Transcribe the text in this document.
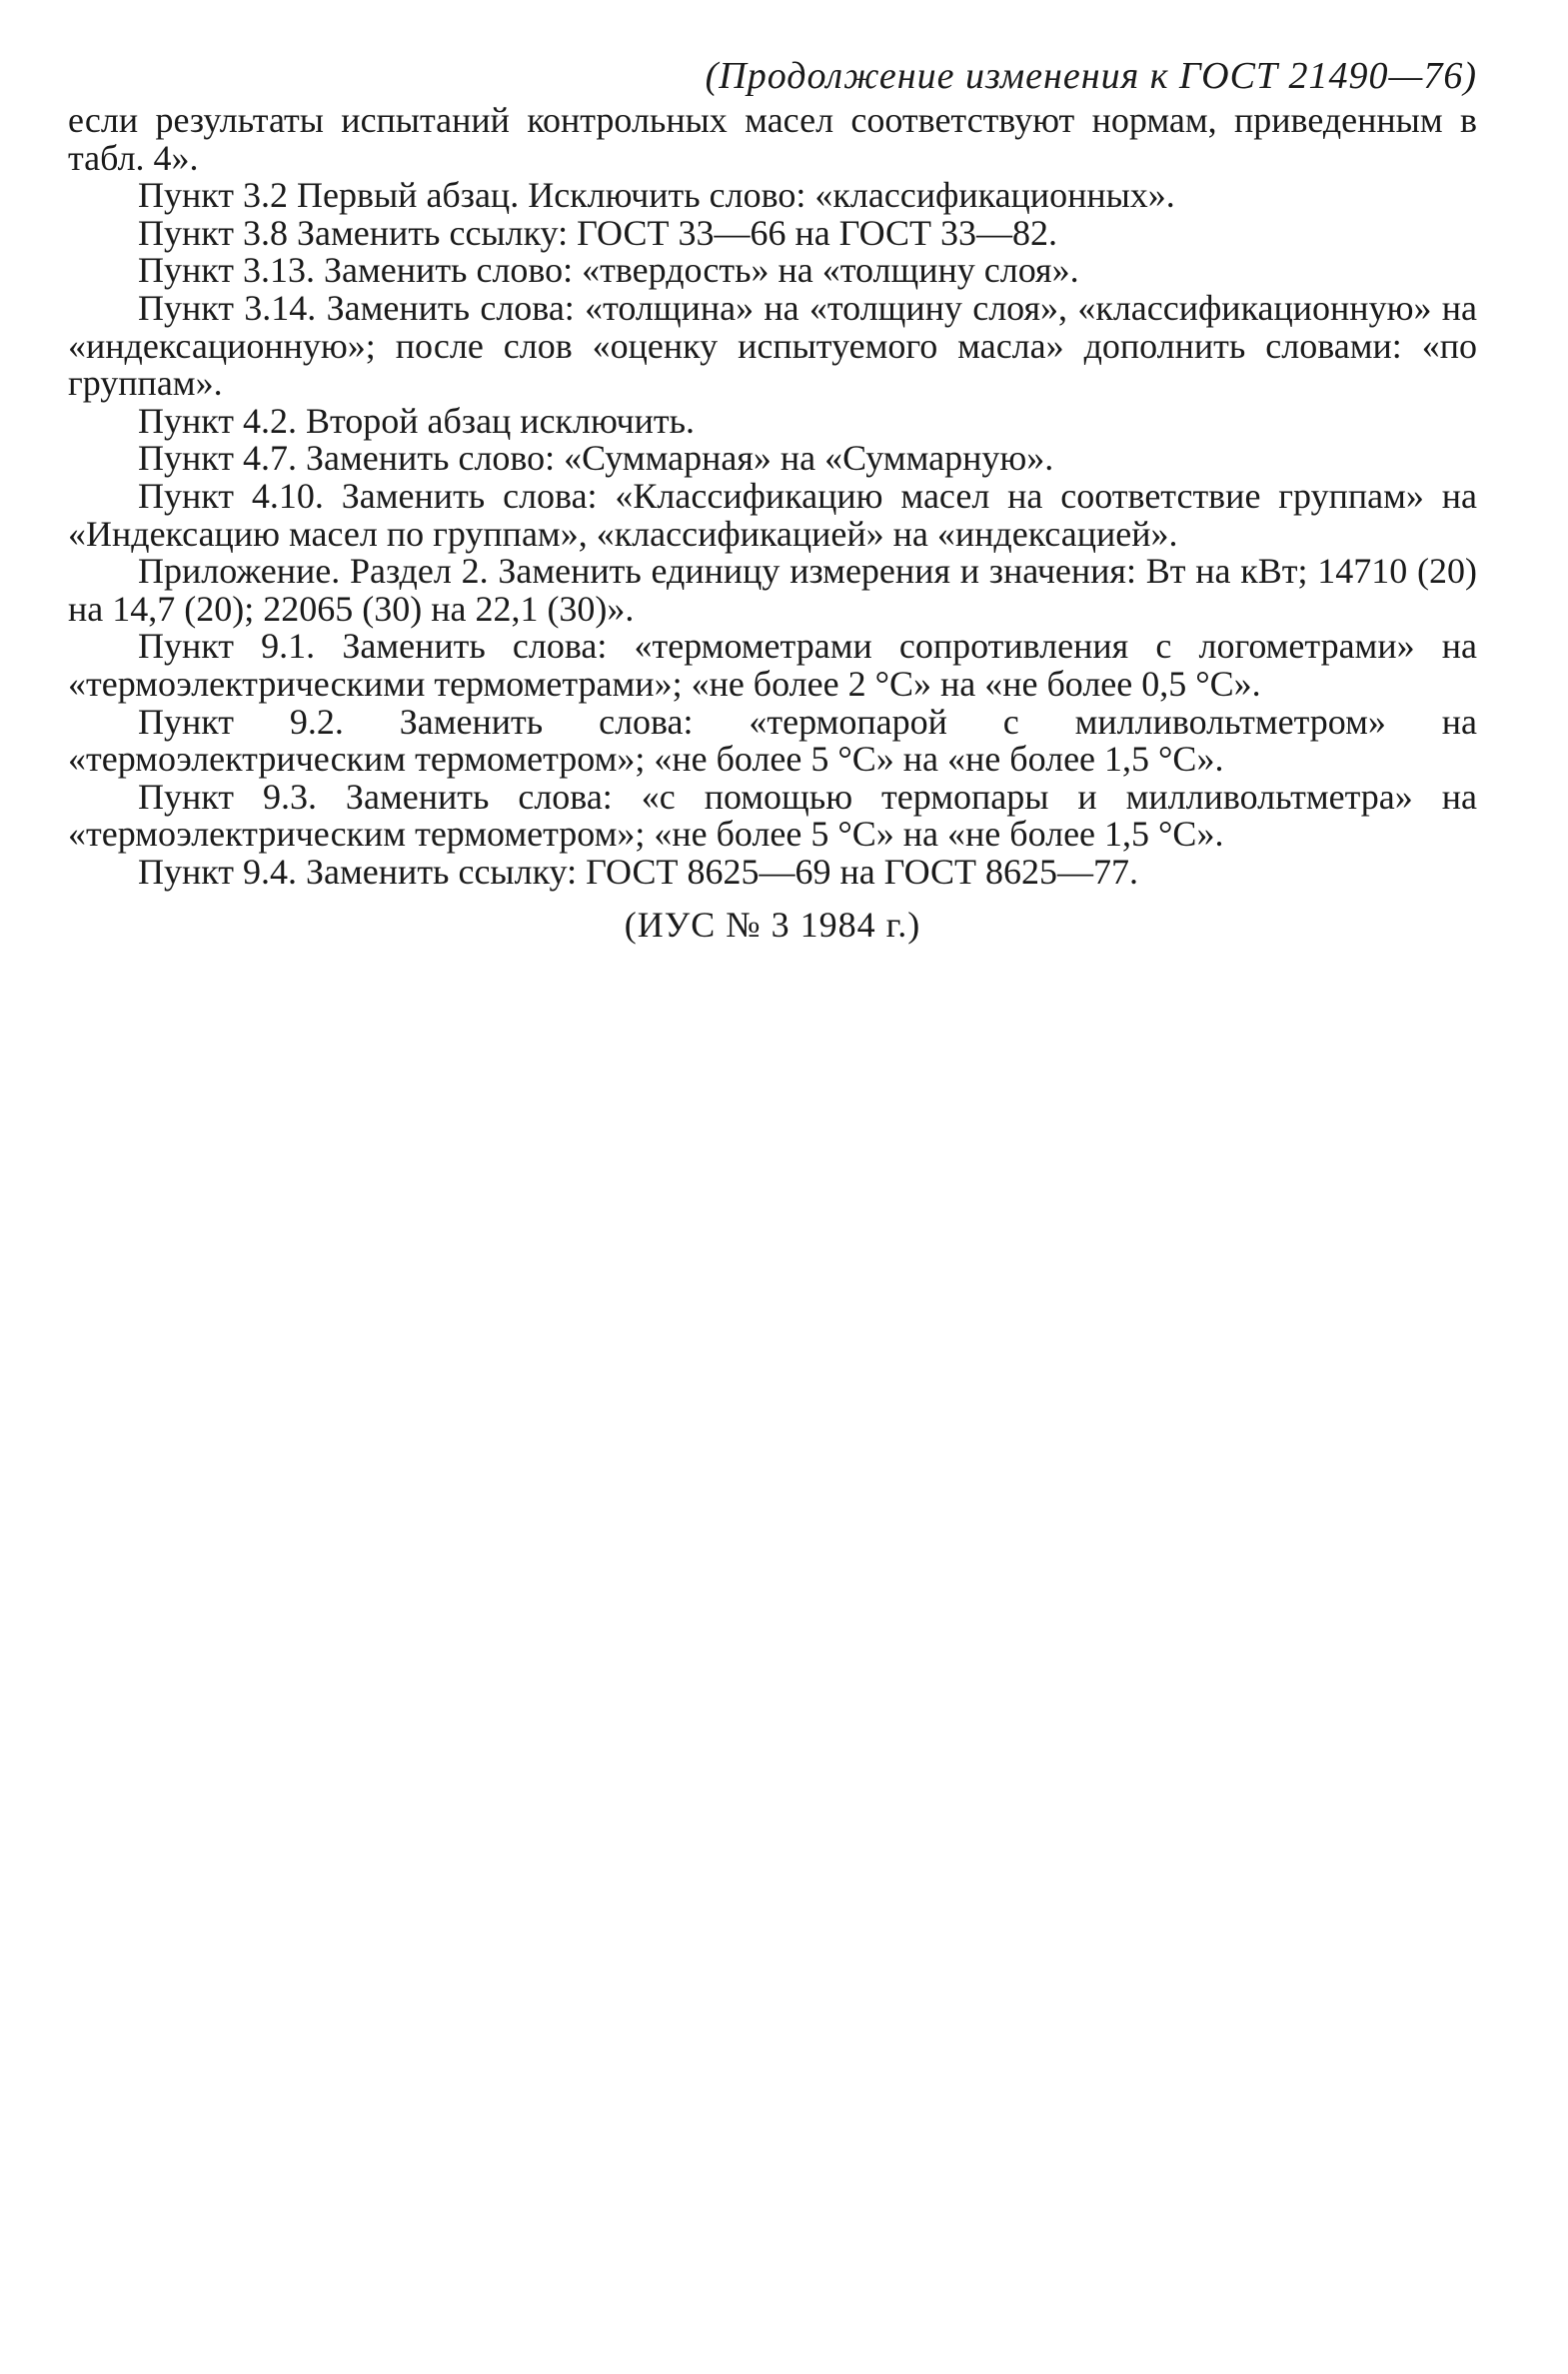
(Продолжение изменения к ГОСТ 21490—76)

если результаты испытаний контрольных масел соответствуют нормам, приведенным в табл. 4».

Пункт 3.2 Первый абзац. Исключить слово: «классификационных».

Пункт 3.8 Заменить ссылку: ГОСТ 33—66 на ГОСТ 33—82.

Пункт 3.13. Заменить слово: «твердость» на «толщину слоя».

Пункт 3.14. Заменить слова: «толщина» на «толщину слоя», «классификационную» на «индексационную»; после слов «оценку испытуемого масла» дополнить словами: «по группам».

Пункт 4.2. Второй абзац исключить.

Пункт 4.7. Заменить слово: «Суммарная» на «Суммарную».

Пункт 4.10. Заменить слова: «Классификацию масел на соответствие группам» на «Индексацию масел по группам», «классификацией» на «индексацией».

Приложение. Раздел 2. Заменить единицу измерения и значения: Вт на кВт; 14710 (20) на 14,7 (20); 22065 (30) на 22,1 (30)».

Пункт 9.1. Заменить слова: «термометрами сопротивления с логометрами» на «термоэлектрическими термометрами»; «не более 2 °С» на «не более 0,5 °С».

Пункт 9.2. Заменить слова: «термопарой с милливольтметром» на «термоэлектрическим термометром»; «не более 5 °С» на «не более 1,5 °С».

Пункт 9.3. Заменить слова: «с помощью термопары и милливольтметра» на «термоэлектрическим термометром»; «не более 5 °С» на «не более 1,5 °С».

Пункт 9.4. Заменить ссылку: ГОСТ 8625—69 на ГОСТ 8625—77.

(ИУС № 3 1984 г.)
